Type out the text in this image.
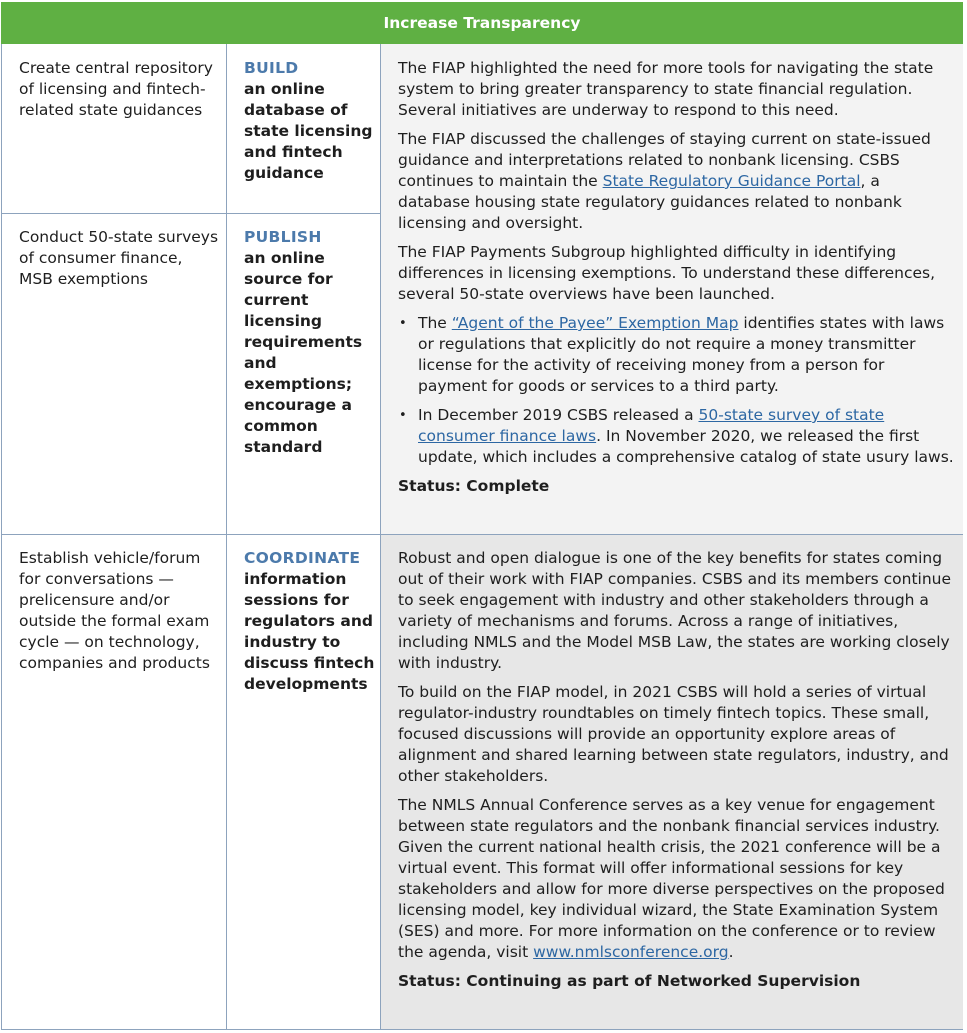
Increase Transparency
Create central repository of licensing and fintech-related state guidances
BUILD
an online database of state licensing and fintech guidance
Conduct 50-state surveys of consumer finance, MSB exemptions
PUBLISH
an online source for current licensing requirements and exemptions; encourage a common standard

The FIAP highlighted the need for more tools for navigating the state system to bring greater transparency to state financial regulation. Several initiatives are underway to respond to this need.

The FIAP discussed the challenges of staying current on state-issued guidance and interpretations related to nonbank licensing. CSBS continues to maintain the State Regulatory Guidance Portal, a database housing state regulatory guidances related to nonbank licensing and oversight.

The FIAP Payments Subgroup highlighted difficulty in identifying differences in licensing exemptions. To understand these differences, several 50-state overviews have been launched.

• The “Agent of the Payee” Exemption Map identifies states with laws or regulations that explicitly do not require a money transmitter license for the activity of receiving money from a person for payment for goods or services to a third party.
• In December 2019 CSBS released a 50-state survey of state consumer finance laws. In November 2020, we released the first update, which includes a comprehensive catalog of state usury laws.
Status: Complete
Establish vehicle/forum for conversations — prelicensure and/or outside the formal exam cycle — on technology, companies and products
COORDINATE
information sessions for regulators and industry to discuss fintech developments

Robust and open dialogue is one of the key benefits for states coming out of their work with FIAP companies. CSBS and its members continue to seek engagement with industry and other stakeholders through a variety of mechanisms and forums. Across a range of initiatives, including NMLS and the Model MSB Law, the states are working closely with industry.

To build on the FIAP model, in 2021 CSBS will hold a series of virtual regulator-industry roundtables on timely fintech topics. These small, focused discussions will provide an opportunity explore areas of alignment and shared learning between state regulators, industry, and other stakeholders.

The NMLS Annual Conference serves as a key venue for engagement between state regulators and the nonbank financial services industry. Given the current national health crisis, the 2021 conference will be a virtual event. This format will offer informational sessions for key stakeholders and allow for more diverse perspectives on the proposed licensing model, key individual wizard, the State Examination System (SES) and more. For more information on the conference or to review the agenda, visit www.nmlsconference.org.

Status: Continuing as part of Networked Supervision
